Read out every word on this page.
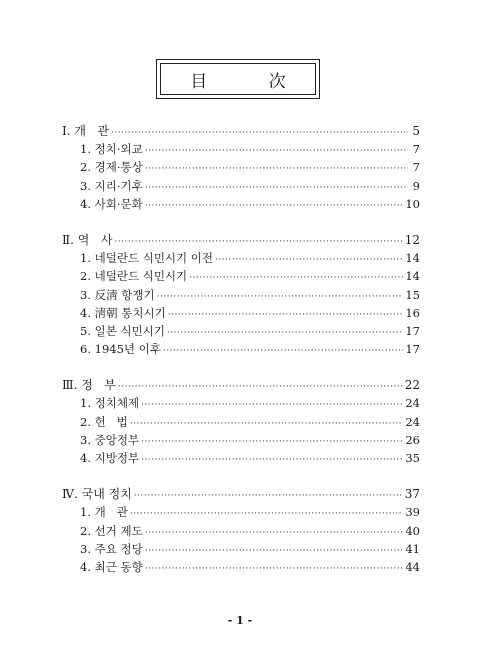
目 次
Ⅰ. 개   관 ·····	5
1. 정치·외교 ·····	7
2. 경제·통상 ·····	7
3. 지리·기후 ·····	9
4. 사회·문화 ·····	10
Ⅱ. 역   사 ·····	12
1. 네덜란드 식민시기 이전 ·····	14
2. 네덜란드 식민시기 ·····	14
3. 反淸 항쟁기 ·····	15
4. 淸朝 통치시기 ·····	16
5. 일본 식민시기 ·····	17
6. 1945년 이후 ·····	17
Ⅲ. 정   부 ·····	22
1. 정치체제 ·····	24
2. 헌   법 ·····	24
3. 중앙정부 ·····	26
4. 지방정부 ·····	35
Ⅳ. 국내 정치 ·····	37
1. 개   관 ·····	39
2. 선거 제도 ·····	40
3. 주요 정당 ·····	41
4. 최근 동향 ·····	44
- 1 -
